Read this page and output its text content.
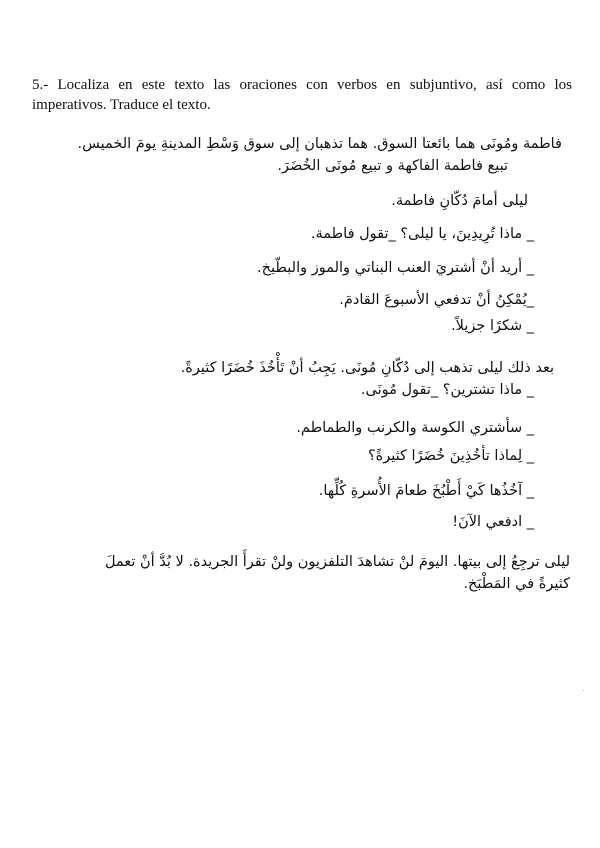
5.- Localiza en este texto las oraciones con verbos en subjuntivo, así como los imperativos. Traduce el texto.

فاطمة ومُونَى هما بائعتا السوق. هما تذهبان إلى سوق وَسْطِ المدينةِ يومَ الخميس.
تبيع فاطمة الفاكهة و تبيع مُونَى الخُضَرَ.
ليلى أمامَ دُكّانِ فاطمة.
_ ماذا تُرِيدِينَ، يا ليلى؟ _تقول فاطمة.
_ أريد أنْ أشتريَ العنب البناتي والموز والبطّيخ.
_يُمْكِنُ أنْ تدفعي الأسبوعَ القادمَ.
_ شكرًا جزيلاً.
بعد ذلك ليلى تذهب إلى دُكّانِ مُونَى. يَجِبُ أنْ تَأْخُذَ خُضَرًا كثيرةً.
_ ماذا تشترين؟ _تقول مُونَى.
_ سأشتري الكوسة والكرنب والطماطم.
_ لِماذا تأخُذِينَ خُضَرًا كثيرةً؟
_ آخُذُها كَيْ أَطْبُخَ طعامَ الأُسرةِ كُلِّها.
_ ادفعي الآنَ!
ليلى ترجِعُ إلى بيتها. اليومَ لنْ تشاهدَ التلفزيون ولنْ تقرأَ الجريدة. لا بُدَّ أنْ تعملَ
كثيرةً في المَطْبَخ.
